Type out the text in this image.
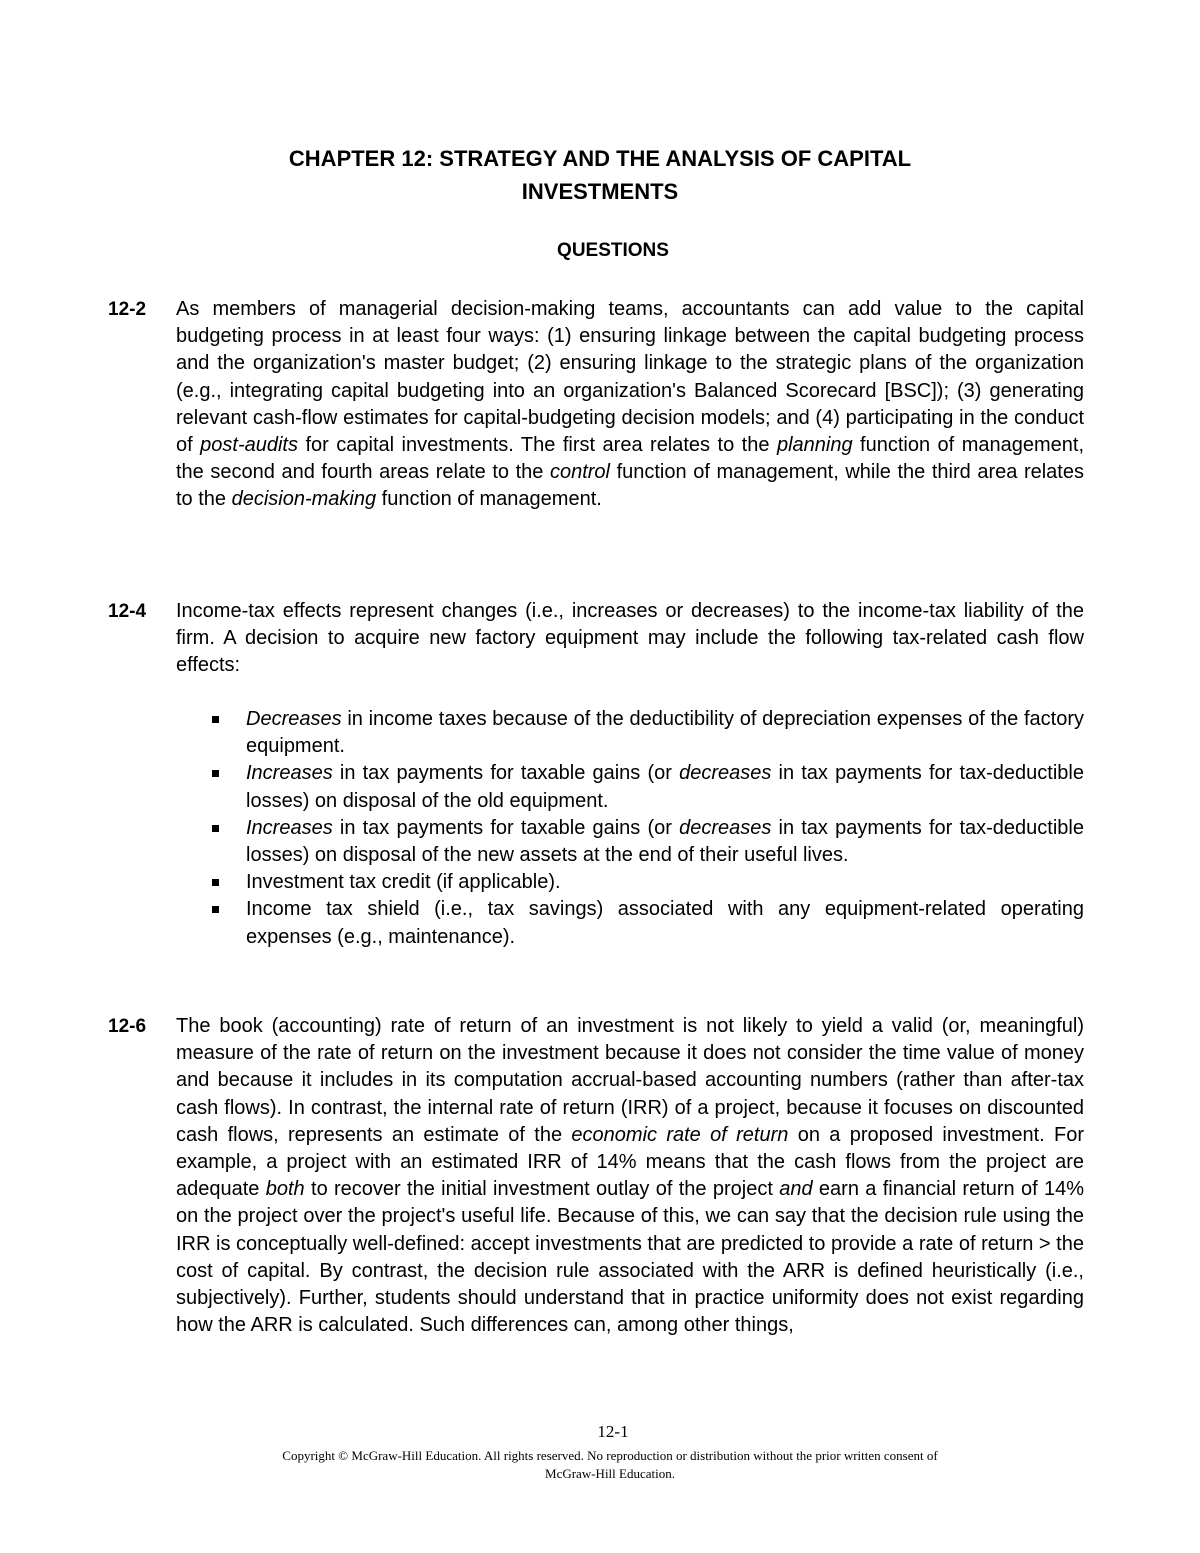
CHAPTER 12: STRATEGY AND THE ANALYSIS OF CAPITAL
INVESTMENTS
QUESTIONS
12-2 As members of managerial decision-making teams, accountants can add value to the capital budgeting process in at least four ways: (1) ensuring linkage between the capital budgeting process and the organization's master budget; (2) ensuring linkage to the strategic plans of the organization (e.g., integrating capital budgeting into an organization's Balanced Scorecard [BSC]); (3) generating relevant cash-flow estimates for capital-budgeting decision models; and (4) participating in the conduct of post-audits for capital investments. The first area relates to the planning function of management, the second and fourth areas relate to the control function of management, while the third area relates to the decision-making function of management.
12-4 Income-tax effects represent changes (i.e., increases or decreases) to the income-tax liability of the firm. A decision to acquire new factory equipment may include the following tax-related cash flow effects:
Decreases in income taxes because of the deductibility of depreciation expenses of the factory equipment.
Increases in tax payments for taxable gains (or decreases in tax payments for tax-deductible losses) on disposal of the old equipment.
Increases in tax payments for taxable gains (or decreases in tax payments for tax-deductible losses) on disposal of the new assets at the end of their useful lives.
Investment tax credit (if applicable).
Income tax shield (i.e., tax savings) associated with any equipment-related operating expenses (e.g., maintenance).
12-6 The book (accounting) rate of return of an investment is not likely to yield a valid (or, meaningful) measure of the rate of return on the investment because it does not consider the time value of money and because it includes in its computation accrual-based accounting numbers (rather than after-tax cash flows). In contrast, the internal rate of return (IRR) of a project, because it focuses on discounted cash flows, represents an estimate of the economic rate of return on a proposed investment. For example, a project with an estimated IRR of 14% means that the cash flows from the project are adequate both to recover the initial investment outlay of the project and earn a financial return of 14% on the project over the project's useful life. Because of this, we can say that the decision rule using the IRR is conceptually well-defined: accept investments that are predicted to provide a rate of return > the cost of capital. By contrast, the decision rule associated with the ARR is defined heuristically (i.e., subjectively). Further, students should understand that in practice uniformity does not exist regarding how the ARR is calculated. Such differences can, among other things,
12-1
Copyright © McGraw-Hill Education. All rights reserved. No reproduction or distribution without the prior written consent of
McGraw-Hill Education.
